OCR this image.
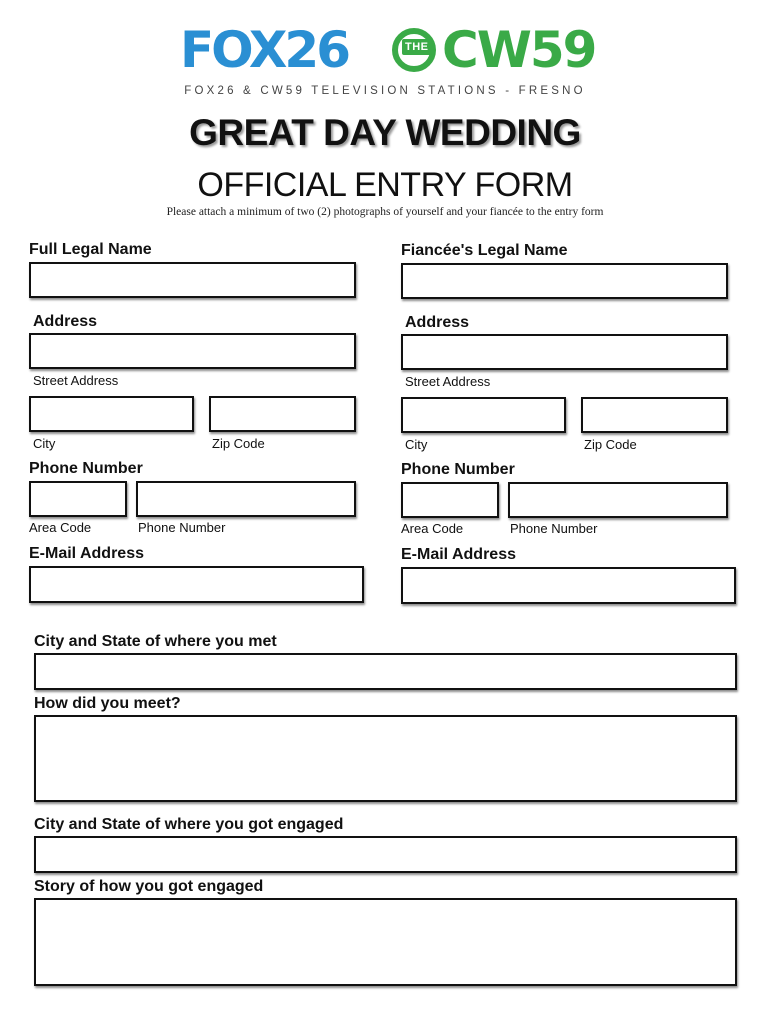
FOX26	THE CW59
FOX26 & CW59 TELEVISION STATIONS - FRESNO
GREAT DAY WEDDING
OFFICIAL ENTRY FORM
Please attach a minimum of two (2) photographs of yourself and your fiancée to the entry form
Full Legal Name
Address
Street Address
City	Zip Code
Phone Number
Area Code	Phone Number
E-Mail Address
Fiancée's Legal Name
Address
Street Address
City	Zip Code
Phone Number
Area Code	Phone Number
E-Mail Address
City and State of where you met
How did you meet?
City and State of where you got engaged
Story of how you got engaged
